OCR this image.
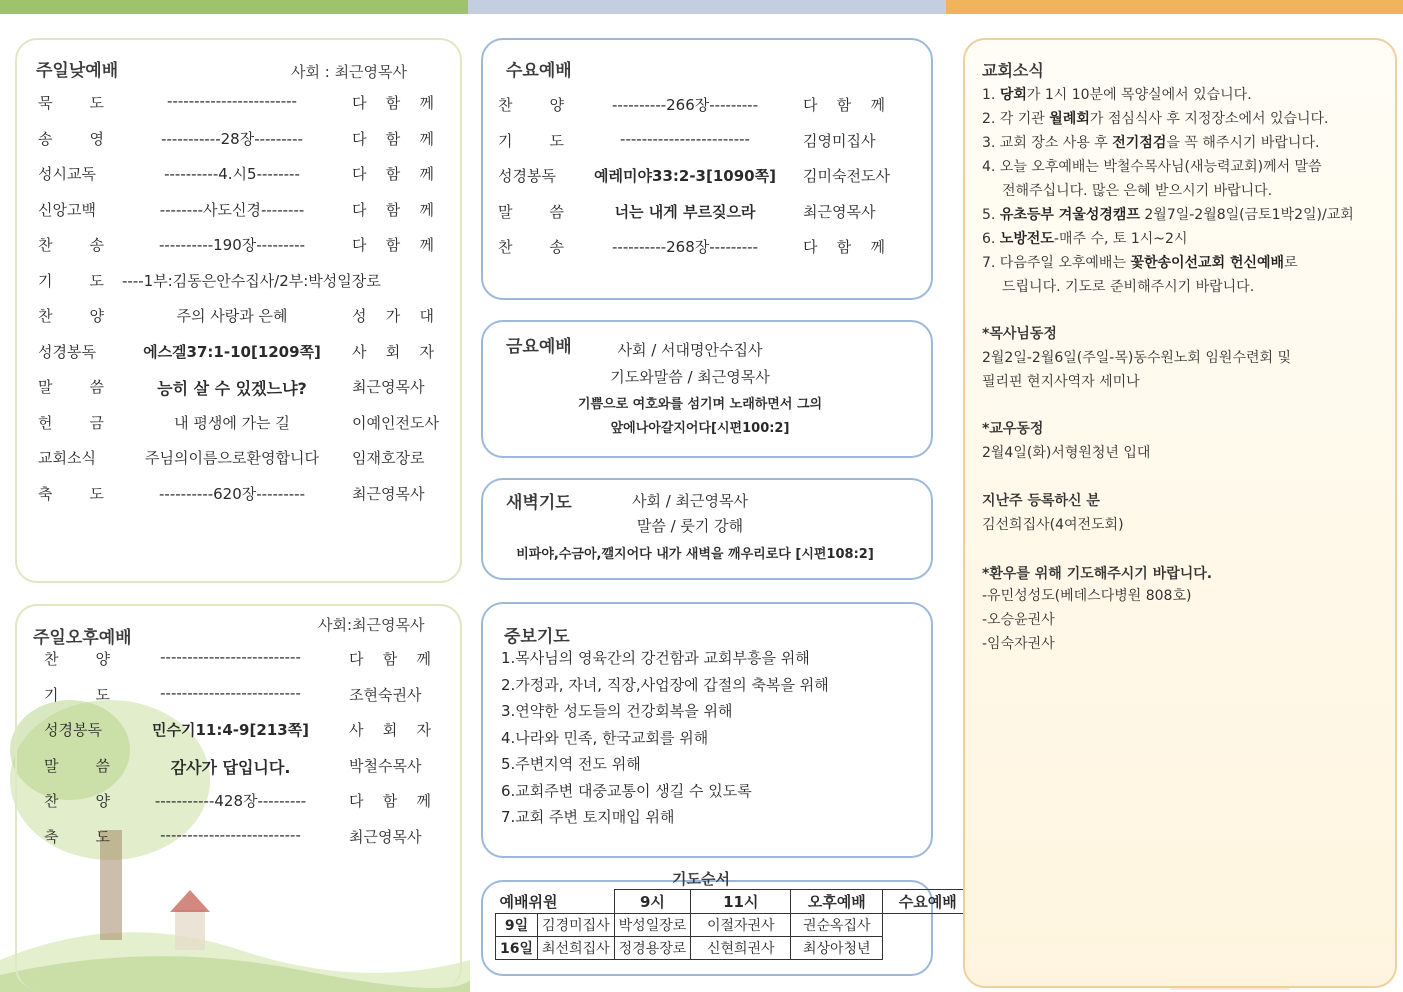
주일낮예배	사회 : 최근영목사
묵 도	------------------------	다 함 께
송 영	-----------28장---------	다 함 께
성시교독	----------4.시5--------	다 함 께
신앙고백	--------사도신경--------	다 함 께
찬 송	----------190장---------	다 함 께
기 도 ----1부:김동은안수집사/2부:박성일장로
찬 양	주의 사랑과 은혜	성 가 대
성경봉독	에스겔37:1-10[1209쪽]	사 회 자
말 씀	능히 살 수 있겠느냐?	최근영목사
헌 금	내 평생에 가는 길	이예인전도사
교회소식	주님의이름으로환영합니다	임재호장로
축 도	----------620장---------	최근영목사
주일오후예배
사회:최근영목사
찬 양	--------------------------	다 함 께
기 도	--------------------------	조현숙권사
성경봉독	민수기11:4-9[213쪽]	사 회 자
말 씀	감사가 답입니다.	박철수목사
찬 양	-----------428장---------	다 함 께
축 도	--------------------------	최근영목사
수요예배
찬 양	----------266장---------	다 함 께
기 도	------------------------	김영미집사
성경봉독	예레미야33:2-3[1090쪽]	김미숙전도사
말 씀	너는 내게 부르짖으라	최근영목사
찬 송	----------268장---------	다 함 께
금요예배	사회 / 서대명안수집사
기도와말씀 / 최근영목사
기쁨으로 여호와를 섬기며 노래하면서 그의
앞에나아갈지어다[시편100:2]
새벽기도	사회 / 최근영목사
말씀 / 룻기 강해
비파야,수금아,깰지어다 내가 새벽을 깨우리로다 [시편108:2]
중보기도
1.목사님의 영육간의 강건함과 교회부흥을 위해
2.가정과, 자녀, 직장,사업장에 갑절의 축복을 위해
3.연약한 성도들의 건강회복을 위해
4.나라와 민족, 한국교회를 위해
5.주변지역 전도 위해
6.교회주변 대중교통이 생길 수 있도록
7.교회 주변 토지매입 위해
기도순서
예배위원		9시	11시	오후예배	수요예배
9일	김경미집사	박성일장로	이절자권사	권순옥집사	
16일	최선희집사	정경용장로	신현희권사	최상아청년	
교회소식
1. 당회가 1시 10분에 목양실에서 있습니다.
2. 각 기관 월례회가 점심식사 후 지정장소에서 있습니다.
3. 교회 장소 사용 후 전기점검을 꼭 해주시기 바랍니다.
4. 오늘 오후예배는 박철수목사님(새능력교회)께서 말씀
전해주십니다. 많은 은혜 받으시기 바랍니다.
5. 유초등부 겨울성경캠프 2월7일-2월8일(금토1박2일)/교회
6. 노방전도-매주 수, 토 1시~2시
7. 다음주일 오후예배는 꽃한송이선교회 헌신예배로
드립니다. 기도로 준비해주시기 바랍니다.
*목사님동정
2월2일-2월6일(주일-목)동수원노회 임원수련회 및
필리핀 현지사역자 세미나
*교우동정
2월4일(화)서형원청년 입대
지난주 등록하신 분
김선희집사(4여전도회)
*환우를 위해 기도해주시기 바랍니다.
-유민성성도(베데스다병원 808호)
-오승윤권사
-임숙자권사
